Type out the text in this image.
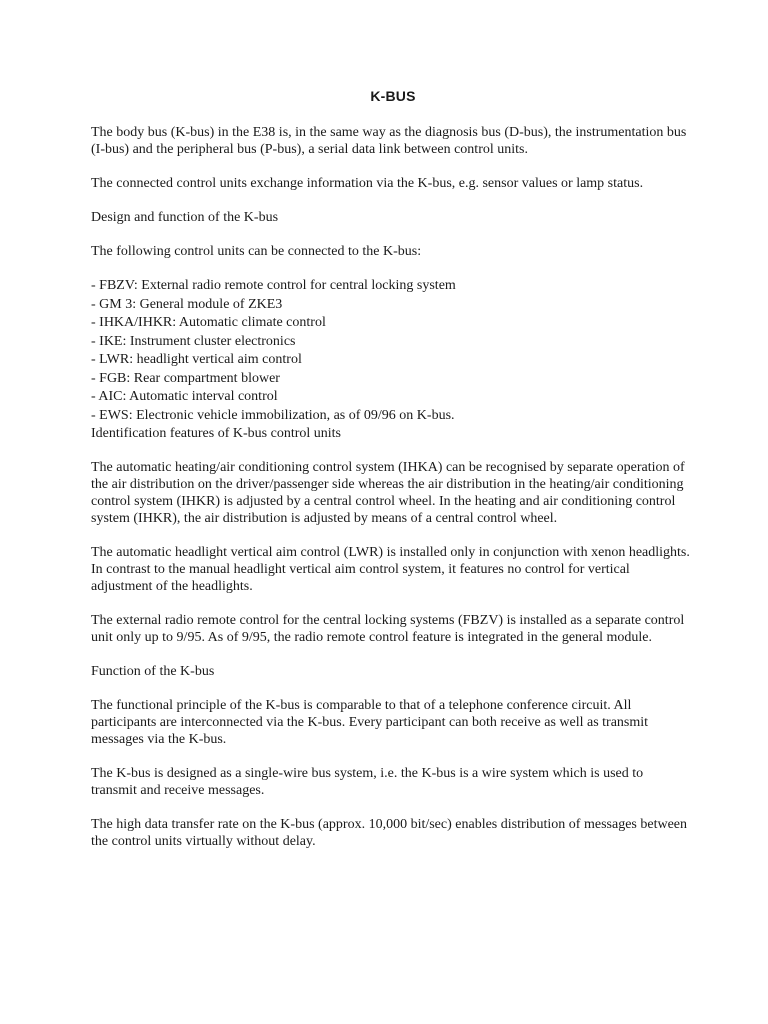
K-BUS

The body bus (K-bus) in the E38 is, in the same way as the diagnosis bus (D-bus), the instrumentation bus (I-bus) and the peripheral bus (P-bus), a serial data link between control units.

The connected control units exchange information via the K-bus, e.g. sensor values or lamp status.

Design and function of the K-bus

The following control units can be connected to the K-bus:

- FBZV: External radio remote control for central locking system
- GM 3: General module of ZKE3
- IHKA/IHKR: Automatic climate control
- IKE: Instrument cluster electronics
- LWR: headlight vertical aim control
- FGB: Rear compartment blower
- AIC: Automatic interval control
- EWS: Electronic vehicle immobilization, as of 09/96 on K-bus.
Identification features of K-bus control units

The automatic heating/air conditioning control system (IHKA) can be recognised by separate operation of the air distribution on the driver/passenger side whereas the air distribution in the heating/air conditioning control system (IHKR) is adjusted by a central control wheel. In the heating and air conditioning control system (IHKR), the air distribution is adjusted by means of a central control wheel.

The automatic headlight vertical aim control (LWR) is installed only in conjunction with xenon headlights. In contrast to the manual headlight vertical aim control system, it features no control for vertical adjustment of the headlights.

The external radio remote control for the central locking systems (FBZV) is installed as a separate control unit only up to 9/95. As of 9/95, the radio remote control feature is integrated in the general module.

Function of the K-bus

The functional principle of the K-bus is comparable to that of a telephone conference circuit. All participants are interconnected via the K-bus. Every participant can both receive as well as transmit messages via the K-bus.

The K-bus is designed as a single-wire bus system, i.e. the K-bus is a wire system which is used to transmit and receive messages.

The high data transfer rate on the K-bus (approx. 10,000 bit/sec) enables distribution of messages between the control units virtually without delay.
